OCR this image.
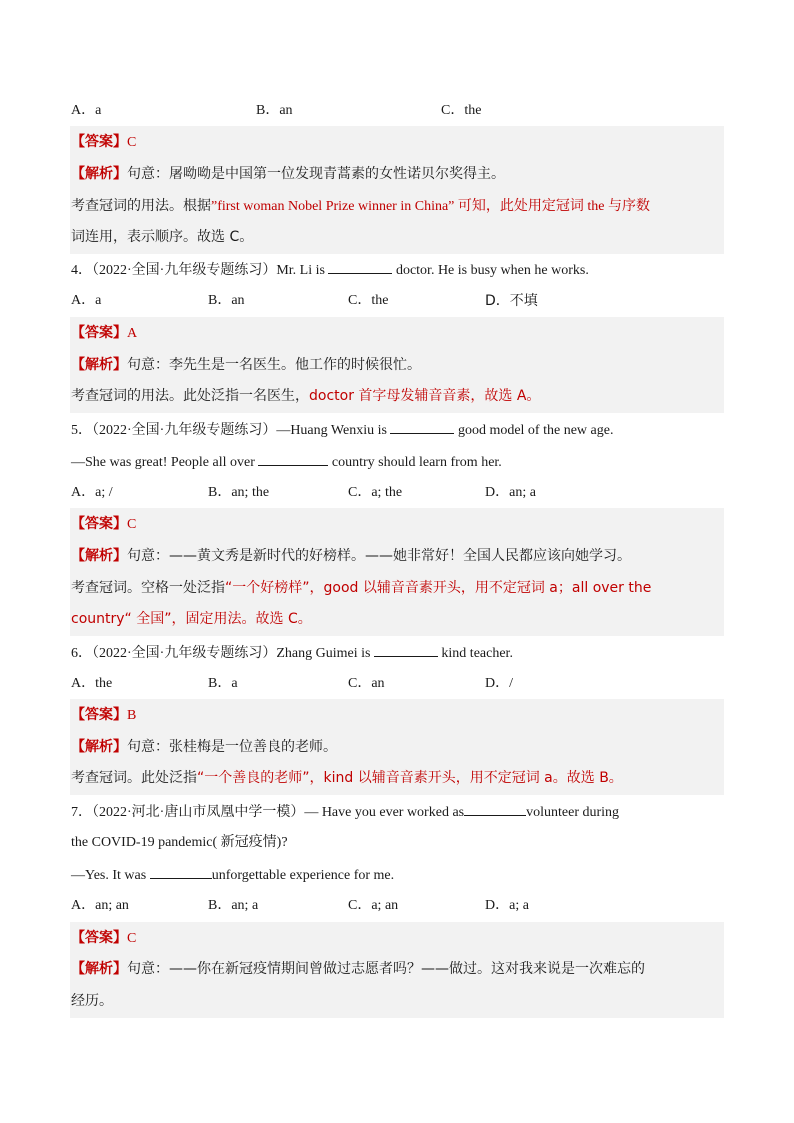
A．a	B．an	C．the
【答案】C
【解析】句意：屠呦呦是中国第一位发现青蒿素的女性诺贝尔奖得主。
考查冠词的用法。根据”first woman Nobel Prize winner in China” 可知，此处用定冠词 the 与序数
词连用，表示顺序。故选 C。
4．（2022·全国·九年级专题练习）Mr. Li is	doctor. He is busy when he works.
A．a	B．an	C．the	D．不填
【答案】A
【解析】句意：李先生是一名医生。他工作的时候很忙。
考查冠词的用法。此处泛指一名医生，doctor 首字母发辅音音素，故选 A。
5．（2022·全国·九年级专题练习）—Huang Wenxiu is	good model of the new age.
—She was great! People all over	country should learn from her.
A．a; /	B．an; the	C．a; the	D．an; a
【答案】C
【解析】句意：——黄文秀是新时代的好榜样。——她非常好！全国人民都应该向她学习。
考查冠词。空格一处泛指“一个好榜样”，good 以辅音音素开头，用不定冠词 a；all over the
country“ 全国”，固定用法。故选 C。
6．（2022·全国·九年级专题练习）Zhang Guimei is	kind teacher.
A．the	B．a	C．an	D．/
【答案】B
【解析】句意：张桂梅是一位善良的老师。
考查冠词。此处泛指“一个善良的老师”，kind 以辅音音素开头，用不定冠词 a。故选 B。
7．（2022·河北·唐山市凤凰中学一模）— Have you ever worked as	volunteer during
the COVID-19 pandemic( 新冠疫情)?
—Yes. It was	unforgettable experience for me.
A．an; an	B．an; a	C．a; an	D．a; a
【答案】C
【解析】句意：——你在新冠疫情期间曾做过志愿者吗？——做过。这对我来说是一次难忘的
经历。
